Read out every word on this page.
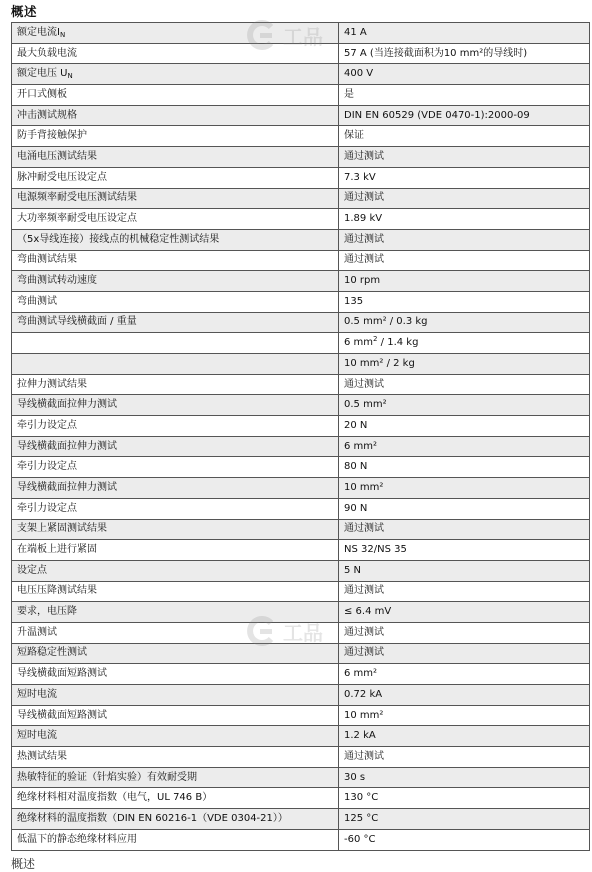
概述
额定电流$I_N$	41 A
最大负载电流	57 A (当连接截面积为10 mm²的导线时)
额定电压 $U_N$	400 V
开口式侧板	是
冲击测试规格	DIN EN 60529 (VDE 0470-1):2000-09
防手背接触保护	保证
电涌电压测试结果	通过测试
脉冲耐受电压设定点	7.3 kV
电源频率耐受电压测试结果	通过测试
大功率频率耐受电压设定点	1.89 kV
（5x导线连接）接线点的机械稳定性测试结果	通过测试
弯曲测试结果	通过测试
弯曲测试转动速度	10 rpm
弯曲测试	135
弯曲测试导线横截面 / 重量	0.5 mm² / 0.3 kg
	6 $mm^2 / 1.4$ kg
	10 mm² / 2 kg
拉伸力测试结果	通过测试
导线横截面拉伸力测试	0.5 mm²
牵引力设定点	20 N
导线横截面拉伸力测试	6 mm²
牵引力设定点	80 N
导线横截面拉伸力测试	10 mm²
牵引力设定点	90 N
支架上紧固测试结果	通过测试
在端板上进行紧固	NS 32/NS 35
设定点	5 N
电压压降测试结果	通过测试
要求，电压降	≤ 6.4 mV
升温测试	通过测试
短路稳定性测试	通过测试
导线横截面短路测试	6 mm²
短时电流	0.72 kA
导线横截面短路测试	10 mm²
短时电流	1.2 kA
热测试结果	通过测试
热敏特征的验证（针焰实验）有效耐受期	30 s
绝缘材料相对温度指数（电气，UL 746 B）	130 °C
绝缘材料的温度指数（DIN EN 60216-1（VDE 0304-21））	125 °C
低温下的静态绝缘材料应用	-60 °C
工品
工品
概述
